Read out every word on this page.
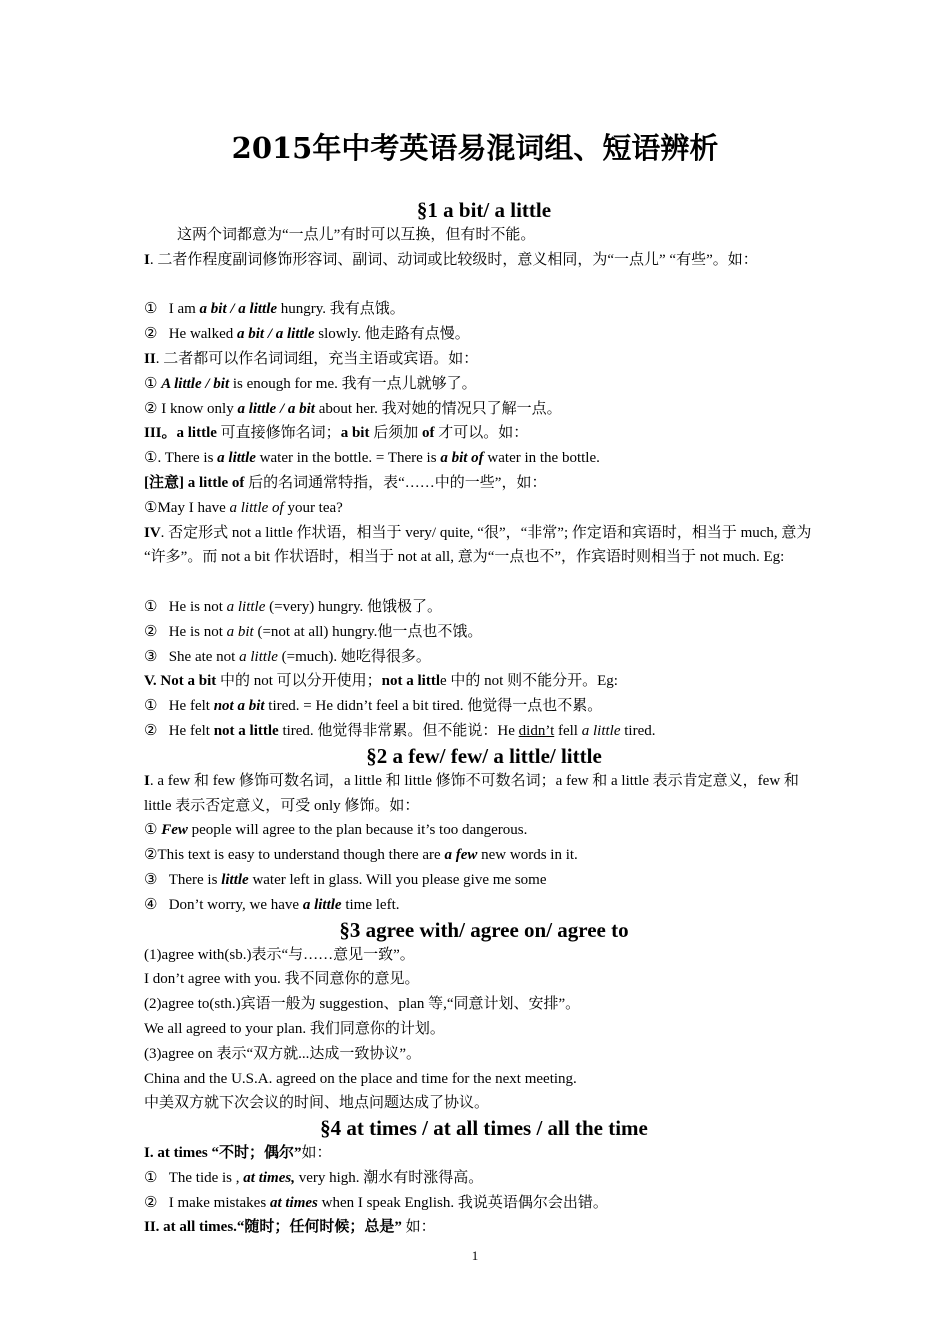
2015年中考英语易混词组、短语辨析
§1 a bit/ a little
这两个词都意为“一点儿”有时可以互换，但有时不能。
I. 二者作程度副词修饰形容词、副词、动词或比较级时，意义相同，为“一点儿” “有些”。如：
① I am a bit / a little hungry. 我有点饿。
② He walked a bit / a little slowly. 他走路有点慢。
II. 二者都可以作名词词组，充当主语或宾语。如：
① A little / bit is enough for me. 我有一点儿就够了。
② I know only a little / a bit about her. 我对她的情况只了解一点。
III。a little 可直接修饰名词；a bit 后须加 of 才可以。如：
①. There is a little water in the bottle. = There is a bit of water in the bottle.
[注意] a little of 后的名词通常特指，表“……中的一些”，如：
①May I have a little of your tea?
IV. 否定形式 not a little 作状语，相当于 very/ quite, “很”，“非常”; 作定语和宾语时，相当于 much, 意为 “许多”。而 not a bit 作状语时，相当于 not at all, 意为“一点也不”，作宾语时则相当于 not much. Eg:
① He is not a little (=very) hungry. 他饿极了。
② He is not a bit (=not at all) hungry.他一点也不饿。
③ She ate not a little (=much). 她吃得很多。
V. Not a bit 中的 not 可以分开使用；not a little 中的 not 则不能分开。Eg:
① He felt not a bit tired. = He didn’t feel a bit tired. 他觉得一点也不累。
② He felt not a little tired. 他觉得非常累。但不能说：He didn’t fell a little tired.
§2 a few/ few/ a little/ little
I. a few 和 few 修饰可数名词，a little 和 little 修饰不可数名词；a few 和 a little 表示肯定意义，few 和 little 表示否定意义，可受 only 修饰。如：
① Few people will agree to the plan because it’s too dangerous.
②This text is easy to understand though there are a few new words in it.
③ There is little water left in glass. Will you please give me some
④ Don’t worry, we have a little time left.
§3 agree with/ agree on/ agree to
(1)agree with(sb.)表示“与……意见一致”。
I don’t agree with you. 我不同意你的意见。
(2)agree to(sth.)宾语一般为 suggestion、plan 等,“同意计划、安排”。
We all agreed to your plan. 我们同意你的计划。
(3)agree on 表示“双方就...达成一致协议”。
China and the U.S.A. agreed on the place and time for the next meeting.
中美双方就下次会议的时间、地点问题达成了协议。
§4 at times / at all times / all the time
I. at times “不时；偶尔”如：
① The tide is , at times, very high. 潮水有时涨得高。
② I make mistakes at times when I speak English. 我说英语偶尔会出错。
II. at all times.“随时；任何时候；总是” 如：
1
